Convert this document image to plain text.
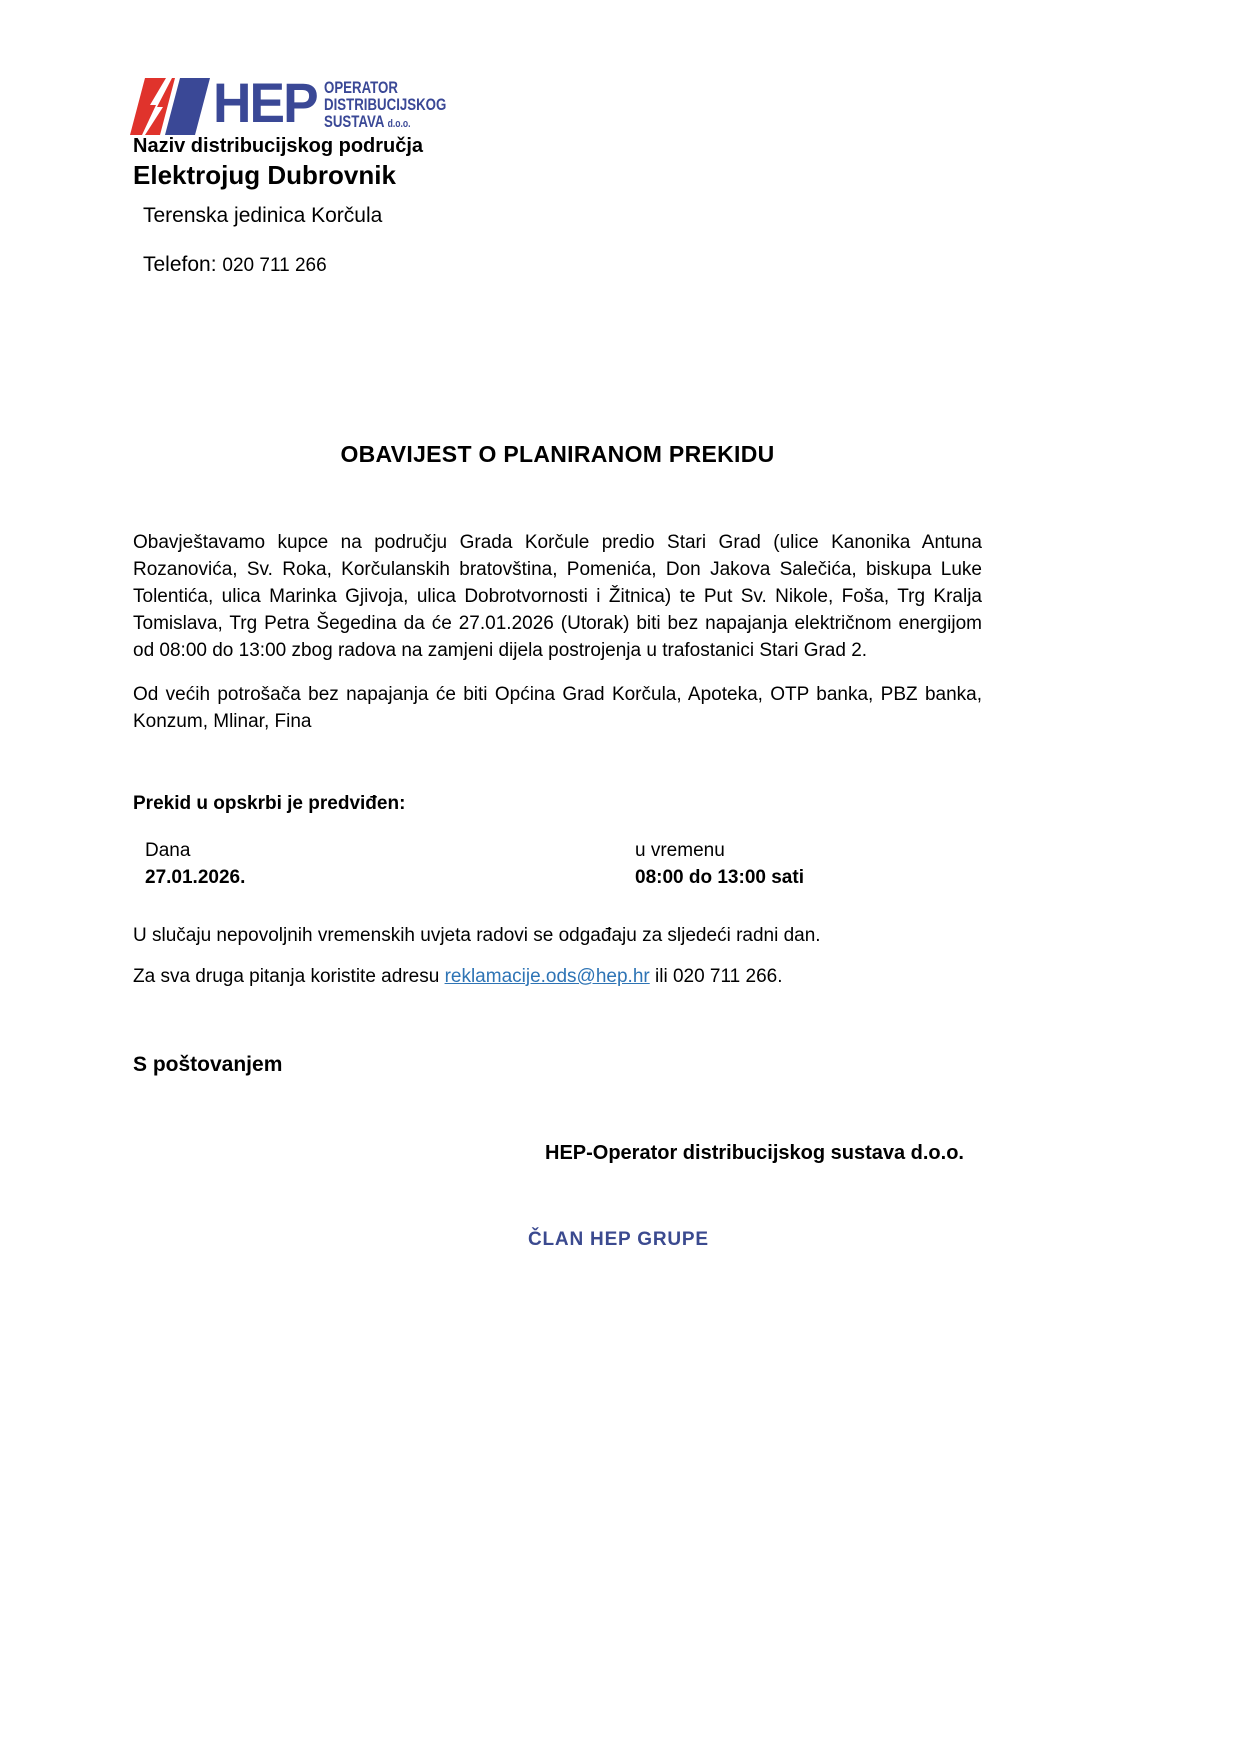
HEP OPERATOR
DISTRIBUCIJSKOG
SUSTAVA d.o.o.
Naziv distribucijskog područja
Elektrojug Dubrovnik
Terenska jedinica Korčula
Telefon: 020 711 266
OBAVIJEST O PLANIRANOM PREKIDU
Obavještavamo kupce na području Grada Korčule predio Stari Grad (ulice Kanonika Antuna Rozanovića, Sv. Roka, Korčulanskih bratovština, Pomenića, Don Jakova Salečića, biskupa Luke Tolentića, ulica Marinka Gjivoja, ulica Dobrotvornosti i Žitnica) te Put Sv. Nikole, Foša, Trg Kralja Tomislava, Trg Petra Šegedina da će 27.01.2026 (Utorak) biti bez napajanja električnom energijom od 08:00 do 13:00 zbog radova na zamjeni dijela postrojenja u trafostanici Stari Grad 2.
Od većih potrošača bez napajanja će biti Općina Grad Korčula, Apoteka, OTP banka, PBZ banka, Konzum, Mlinar, Fina
Prekid u opskrbi je predviđen:
Dana
27.01.2026.
u vremenu
08:00 do 13:00 sati
U slučaju nepovoljnih vremenskih uvjeta radovi se odgađaju za sljedeći radni dan.
Za sva druga pitanja koristite adresu reklamacije.ods@hep.hr ili 020 711 266.
S poštovanjem
HEP-Operator distribucijskog sustava d.o.o.
ČLAN HEP GRUPE
